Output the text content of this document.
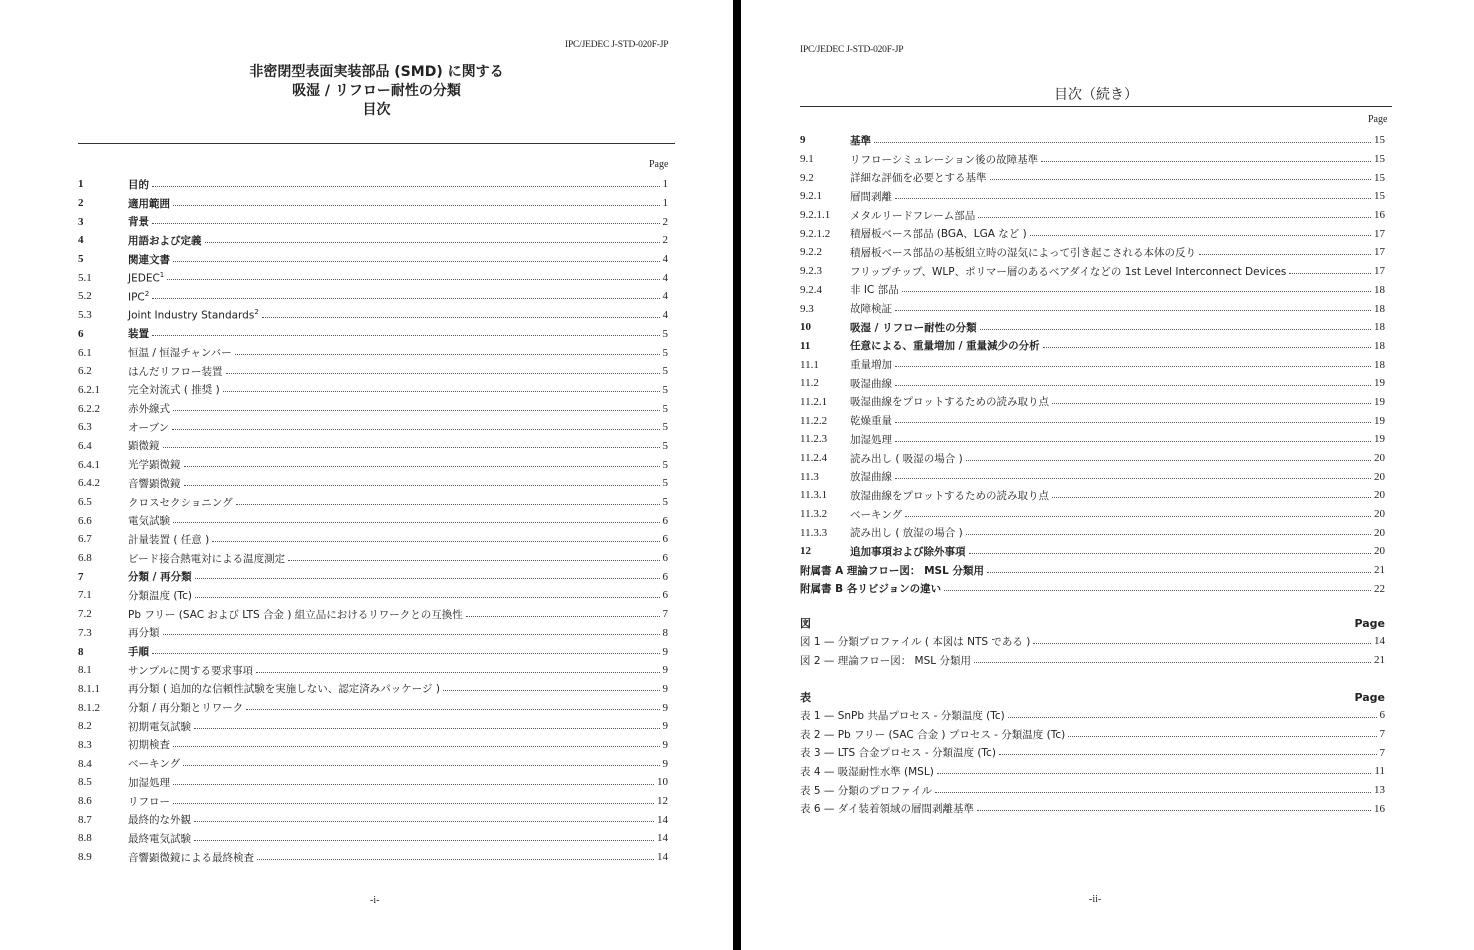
IPC/JEDEC J-STD-020F-JP
非密閉型表面実装部品 (SMD) に関する
吸湿 / リフロー耐性の分類
目次
Page
1	目的	1
2	適用範囲	1
3	背景	2
4	用語および定義	2
5	関連文書	4
5.1	JEDEC$^1$	4
5.2	IPC$^2$	4
5.3	Joint Industry Standards$^2$	4
6	装置	5
6.1	恒温 / 恒湿チャンバー	5
6.2	はんだリフロー装置	5
6.2.1	完全対流式 ( 推奨 )	5
6.2.2	赤外線式	5
6.3	オーブン	5
6.4	顕微鏡	5
6.4.1	光学顕微鏡	5
6.4.2	音響顕微鏡	5
6.5	クロスセクショニング	5
6.6	電気試験	6
6.7	計量装置 ( 任意 )	6
6.8	ビード接合熱電対による温度測定	6
7	分類 / 再分類	6
7.1	分類温度 (Tc)	6
7.2	Pb フリー (SAC および LTS 合金 ) 組立品におけるリワークとの互換性	7
7.3	再分類	8
8	手順	9
8.1	サンプルに関する要求事項	9
8.1.1	再分類 ( 追加的な信頼性試験を実施しない、認定済みパッケージ )	9
8.1.2	分類 / 再分類とリワーク	9
8.2	初期電気試験	9
8.3	初期検査	9
8.4	ベーキング	9
8.5	加湿処理	10
8.6	リフロー	12
8.7	最終的な外観	14
8.8	最終電気試験	14
8.9	音響顕微鏡による最終検査	14
-i-
IPC/JEDEC J-STD-020F-JP
目次（続き）
Page
9	基準	15
9.1	リフローシミュレーション後の故障基準	15
9.2	詳細な評価を必要とする基準	15
9.2.1	層間剥離	15
9.2.1.1	メタルリードフレーム部品	16
9.2.1.2	積層板ベース部品 (BGA、LGA など )	17
9.2.2	積層板ベース部品の基板組立時の湿気によって引き起こされる本体の反り	17
9.2.3	フリップチップ、WLP、ポリマー層のあるベアダイなどの 1st Level Interconnect Devices	17
9.2.4	非 IC 部品	18
9.3	故障検証	18
10	吸湿 / リフロー耐性の分類	18
11	任意による、重量増加 / 重量減少の分析	18
11.1	重量増加	18
11.2	吸湿曲線	19
11.2.1	吸湿曲線をプロットするための読み取り点	19
11.2.2	乾燥重量	19
11.2.3	加湿処理	19
11.2.4	読み出し ( 吸湿の場合 )	20
11.3	放湿曲線	20
11.3.1	放湿曲線をプロットするための読み取り点	20
11.3.2	ベーキング	20
11.3.3	読み出し ( 放湿の場合 )	20
12	追加事項および除外事項	20
附属書 A 理論フロー図： MSL 分類用	21
附属書 B 各リビジョンの違い	22
図	Page
図 1 — 分類プロファイル ( 本図は NTS である )	14
図 2 — 理論フロー図： MSL 分類用	21
表	Page
表 1 — SnPb 共晶プロセス - 分類温度 (Tc)	6
表 2 — Pb フリー (SAC 合金 ) プロセス - 分類温度 (Tc)	7
表 3 — LTS 合金プロセス - 分類温度 (Tc)	7
表 4 — 吸湿耐性水準 (MSL)	11
表 5 — 分類のプロファイル	13
表 6 — ダイ装着領域の層間剥離基準	16
-ii-
